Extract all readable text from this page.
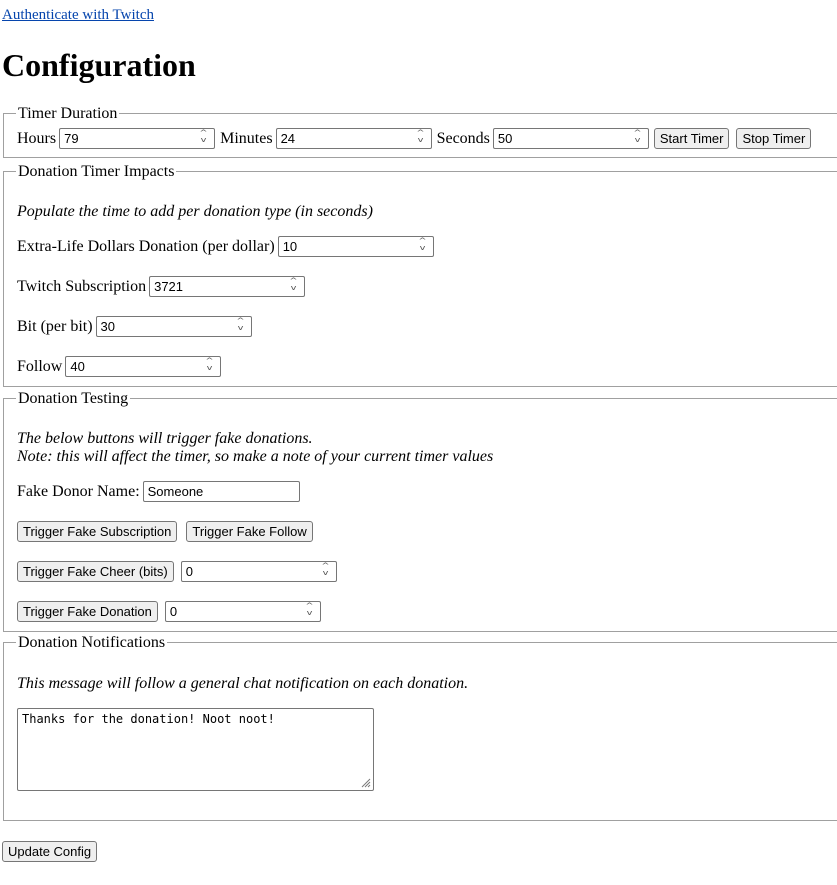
Authenticate with Twitch
Configuration
Timer Duration
Hours 79	^
v Minutes 24	^
v Seconds 50	^
v	Start Timer	Stop Timer
Donation Timer Impacts
Populate the time to add per donation type (in seconds)
Extra-Life Dollars Donation (per dollar) 10	^
v
Twitch Subscription 3721	^
v
Bit (per bit) 30	^
v
Follow 40	^
v
Donation Testing
The below buttons will trigger fake donations.
Note: this will affect the timer, so make a note of your current timer values
Fake Donor Name: Someone
Trigger Fake Subscription	Trigger Fake Follow
Trigger Fake Cheer (bits)	0	^
v
Trigger Fake Donation	0	^
v
Donation Notifications
This message will follow a general chat notification on each donation.
Thanks for the donation! Noot noot!
Update Config
